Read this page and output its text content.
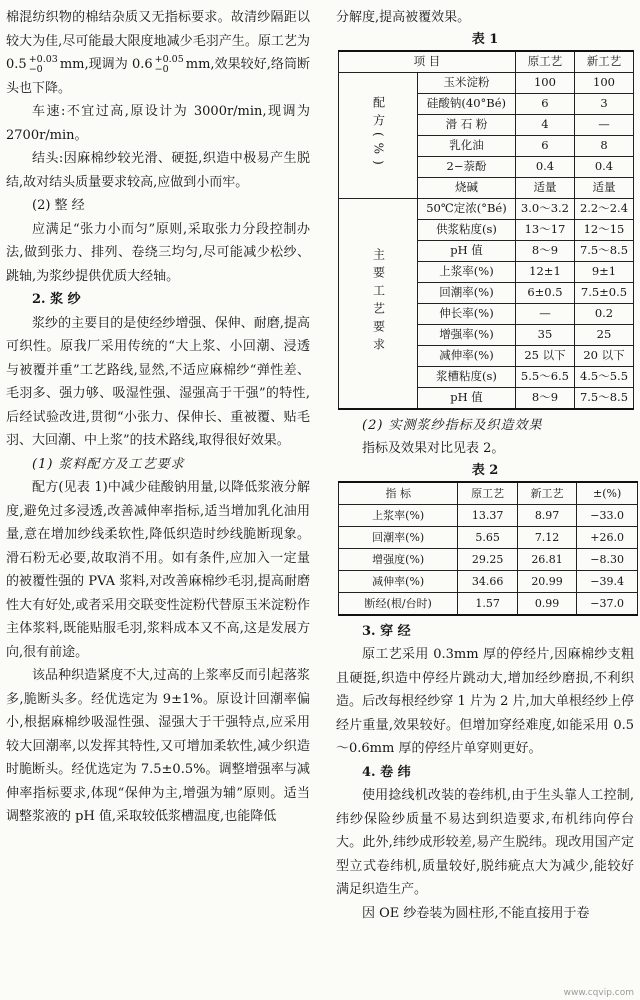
棉混纺织物的棉结杂质又无指标要求。故清纱隔距以较大为佳,尽可能最大限度地减少毛羽产生。原工艺为 0.5 +0.03
−0	mm,现调为 0.6 +0.05
−0	mm,效果较好,络筒断头也下降。

车速:不宜过高,原设计为 3000r/min,现调为 2700r/min。

结头:因麻棉纱较光滑、硬挺,织造中极易产生脱结,故对结头质量要求较高,应做到小而牢。

(2) 整 经

应满足“张力小而匀”原则,采取张力分段控制办法,做到张力、排列、卷绕三均匀,尽可能减少松纱、跳轴,为浆纱提供优质大经轴。

2. 浆 纱

浆纱的主要目的是使经纱增强、保伸、耐磨,提高可织性。原我厂采用传统的“大上浆、小回潮、浸透与被覆并重”工艺路线,显然,不适应麻棉纱“弹性差、毛羽多、强力够、吸湿性强、湿强高于干强”的特性,后经试验改进,贯彻“小张力、保伸长、重被覆、贴毛羽、大回潮、中上浆”的技术路线,取得很好效果。

(1) 浆料配方及工艺要求

配方(见表 1)中减少硅酸钠用量,以降低浆液分解度,避免过多浸透,改善减伸率指标,适当增加乳化油用量,意在增加纱线柔软性,降低织造时纱线脆断现象。滑石粉无必要,故取消不用。如有条件,应加入一定量的被覆性强的 PVA 浆料,对改善麻棉纱毛羽,提高耐磨性大有好处,或者采用交联变性淀粉代替原玉米淀粉作主体浆料,既能贴服毛羽,浆料成本又不高,这是发展方向,很有前途。

该品种织造紧度不大,过高的上浆率反而引起落浆多,脆断头多。经优选定为 9±1%。原设计回潮率偏小,根据麻棉纱吸湿性强、湿强大于干强特点,应采用较大回潮率,以发挥其特性,又可增加柔软性,减少织造时脆断头。经优选定为 7.5±0.5%。调整增强率与减伸率指标要求,体现“保伸为主,增强为辅”原则。适当调整浆液的 pH 值,采取较低浆槽温度,也能降低

分解度,提高被覆效果。

表 1
项 目		原工艺	新工艺
配方(%)	玉米淀粉	100	100
	硅酸钠(40°Bé)	6	3
	滑 石 粉	4	—
	乳化油	6	8
	2−萘酚	0.4	0.4
	烧碱	适量	适量
主要工艺要求	50℃定浓(°Bé)	3.0～3.2	2.2～2.4
	供浆粘度(s)	13～17	12～15
	pH 值	8～9	7.5～8.5
	上浆率(%)	12±1	9±1
	回潮率(%)	6±0.5	7.5±0.5
	伸长率(%)	—	0.2
	增强率(%)	35	25
	减伸率(%)	25 以下	20 以下
	浆槽粘度(s)	5.5～6.5	4.5～5.5
	pH 值	8～9	7.5～8.5

(2) 实测浆纱指标及织造效果

指标及效果对比见表 2。

表 2
指 标	原工艺	新工艺	±(%)
上浆率(%)	13.37	8.97	−33.0
回潮率(%)	5.65	7.12	+26.0
增强度(%)	29.25	26.81	−8.30
减伸率(%)	34.66	20.99	−39.4
断经(根/台时)	1.57	0.99	−37.0
3. 穿 经

原工艺采用 0.3mm 厚的停经片,因麻棉纱支粗且硬挺,织造中停经片跳动大,增加经纱磨损,不利织造。后改每根经纱穿 1 片为 2 片,加大单根经纱上停经片重量,效果较好。但增加穿经难度,如能采用 0.5～0.6mm 厚的停经片单穿则更好。

4. 卷 纬

使用捻线机改装的卷纬机,由于生头靠人工控制,纬纱保险纱质量不易达到织造要求,布机纬向停台大。此外,纬纱成形较差,易产生脱纬。现改用国产定型立式卷纬机,质量较好,脱纬疵点大为减少,能较好满足织造生产。

因 OE 纱卷装为圆柱形,不能直接用于卷

www.cqvip.com
